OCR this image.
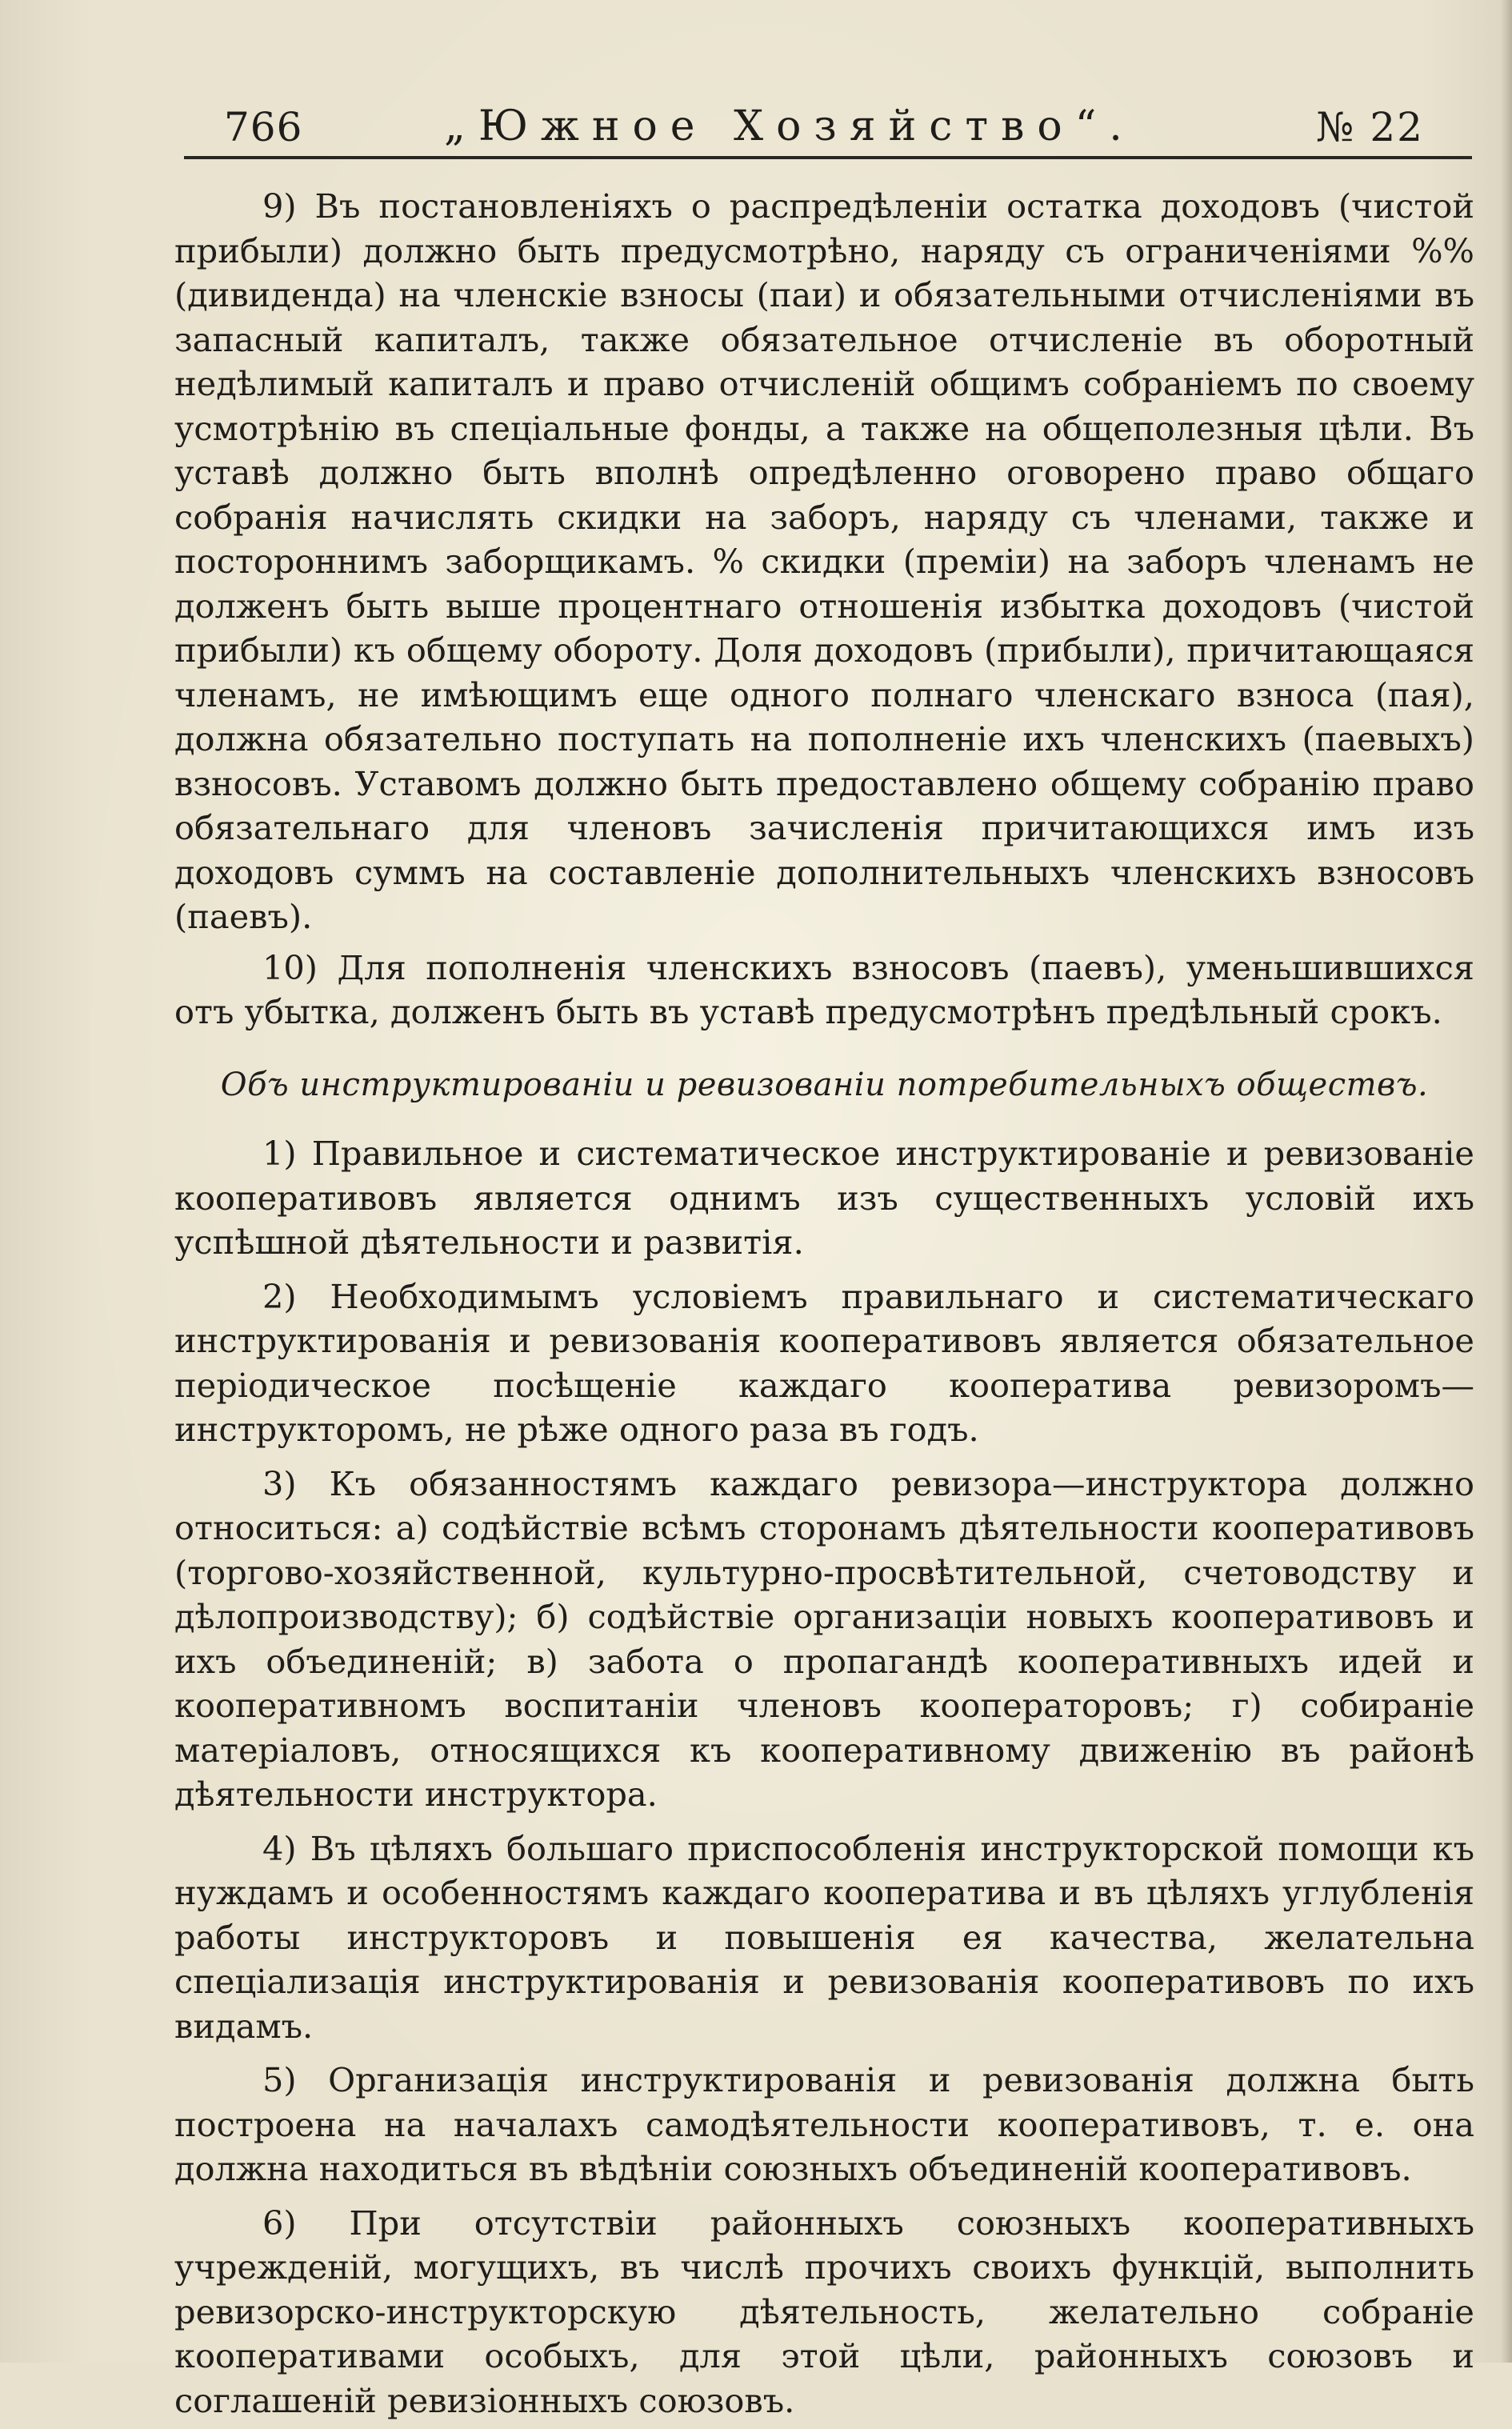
766	„Южное Хозяйство“.	№ 22

9) Въ постановленіяхъ о распредѣленіи остатка доходовъ (чистой прибыли) должно быть предусмотрѣно, наряду съ ограниченіями %% (дивиденда) на членскіе взносы (паи) и обязательными отчисленіями въ запасный капиталъ, также обязательное отчисленіе въ оборотный недѣлимый капиталъ и право отчисленій общимъ собраніемъ по своему усмотрѣнію въ спеціальные фонды, а также на общеполезныя цѣли. Въ уставѣ должно быть вполнѣ опредѣленно оговорено право общаго собранія начислять скидки на заборъ, наряду съ членами, также и постороннимъ заборщикамъ. % скидки (преміи) на заборъ членамъ не долженъ быть выше процентнаго отношенія избытка доходовъ (чистой прибыли) къ общему обороту. Доля доходовъ (прибыли), причитающаяся членамъ, не имѣющимъ еще одного полнаго членскаго взноса (пая), должна обязательно поступать на пополненіе ихъ членскихъ (паевыхъ) взносовъ. Уставомъ должно быть предоставлено общему собранію право обязательнаго для членовъ зачисленія причитающихся имъ изъ доходовъ суммъ на составленіе дополнительныхъ членскихъ взносовъ (паевъ).

10) Для пополненія членскихъ взносовъ (паевъ), уменьшившихся отъ убытка, долженъ быть въ уставѣ предусмотрѣнъ предѣльный срокъ.

Объ инструктированіи и ревизованіи потребительныхъ обществъ.

1) Правильное и систематическое инструктированіе и ревизованіе кооперативовъ является однимъ изъ существенныхъ условій ихъ успѣшной дѣятельности и развитія.

2) Необходимымъ условіемъ правильнаго и систематическаго инструктированія и ревизованія кооперативовъ является обязательное періодическое посѣщеніе каждаго кооператива ревизоромъ—инструкторомъ, не рѣже одного раза въ годъ.

3) Къ обязанностямъ каждаго ревизора—инструктора должно относиться: а) содѣйствіе всѣмъ сторонамъ дѣятельности кооперативовъ (торгово-хозяйственной, культурно-просвѣтительной, счетоводству и дѣлопроизводству); б) содѣйствіе организаціи новыхъ кооперативовъ и ихъ объединеній; в) забота о пропагандѣ кооперативныхъ идей и кооперативномъ воспитаніи членовъ кооператоровъ; г) собираніе матеріаловъ, относящихся къ кооперативному движенію въ районѣ дѣятельности инструктора.

4) Въ цѣляхъ большаго приспособленія инструкторской помощи къ нуждамъ и особенностямъ каждаго кооператива и въ цѣляхъ углубленія работы инструкторовъ и повышенія ея качества, желательна спеціализація инструктированія и ревизованія кооперативовъ по ихъ видамъ.

5) Организація инструктированія и ревизованія должна быть построена на началахъ самодѣятельности кооперативовъ, т. е. она должна находиться въ вѣдѣніи союзныхъ объединеній кооперативовъ.

6) При отсутствіи районныхъ союзныхъ кооперативныхъ учрежденій, могущихъ, въ числѣ прочихъ своихъ функцій, выполнить ревизорско-инструкторскую дѣятельность, желательно собраніе кооперативами особыхъ, для этой цѣли, районныхъ союзовъ и соглашеній ревизіонныхъ союзовъ.
